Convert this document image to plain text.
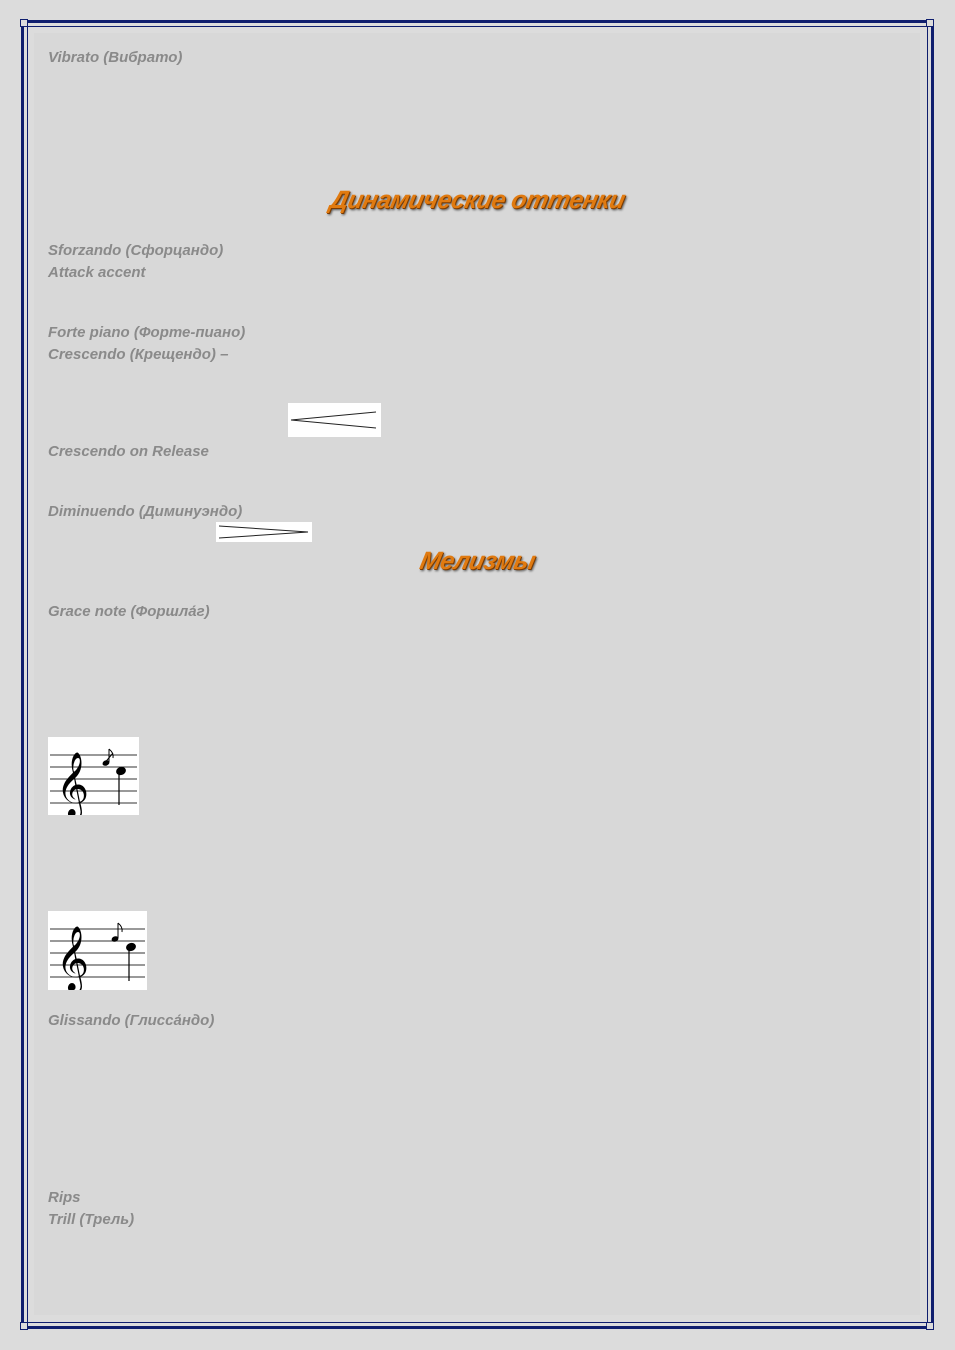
Vibrato (Вибрато)
Динамические оттенки
Sforzando (Сфорцандо)
Attack accent
Forte piano (Форте-пиано)
Crescendo (Крещендо) –
Crescendo on Release
Diminuendo (Диминуэндо)
Мелизмы
Grace note (Форшла́г)
𝄞
𝄞
Glissando (Глисса́ндо)
Rips
Trill (Трель)
